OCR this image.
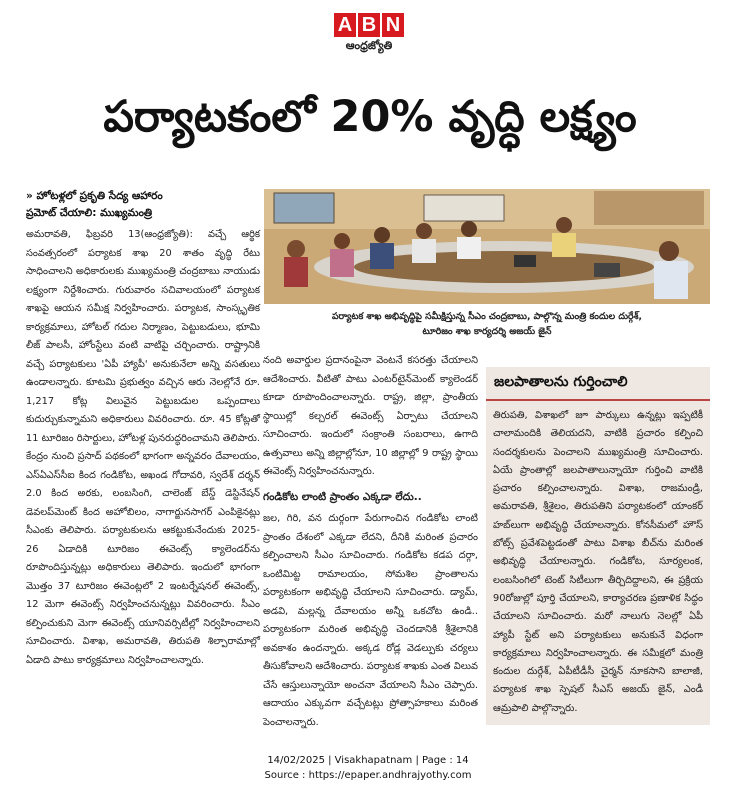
A B N
ఆంధ్రజ్యోతి
పర్యాటకంలో 20% వృద్ధి లక్ష్యం
» హోటళ్లలో ప్రకృతి సేద్య ఆహారం
ప్రమోట్ చేయాలి: ముఖ్యమంత్రి
అమరావతి, ఫిబ్రవరి 13(ఆంధ్రజ్యోతి): వచ్చే ఆర్థిక సంవత్సరంలో పర్యాటక శాఖ 20 శాతం వృద్ధి రేటు సాధించాలని అధికారులకు ముఖ్యమంత్రి చంద్రబాబు నాయుడు లక్ష్యంగా నిర్దేశించారు. గురువారం సచివాలయంలో పర్యాటక శాఖపై ఆయన సమీక్ష నిర్వహించారు. పర్యాటక, సాంస్కృతిక కార్యక్రమాలు, హోటల్ గదుల నిర్మాణం, పెట్టుబడులు, భూమి లీజ్ పాలసీ, హోంస్టేలు వంటి వాటిపై చర్చించారు. రాష్ట్రానికి వచ్చే పర్యాటకులు 'ఏపీ హ్యాపీ' అనుకునేలా అన్ని వసతులు ఉండాలన్నారు. కూటమి ప్రభుత్వం వచ్చిన ఆరు నెలల్లోనే రూ. 1,217 కోట్ల విలువైన పెట్టుబడుల ఒప్పందాలు కుదుర్చుకున్నామని అధికారులు వివరించారు. రూ. 45 కోట్లతో 11 టూరిజం రిసార్టులు, హోటళ్ల పునరుద్ధరించామని తెలిపారు. కేంద్రం నుంచి ప్రసాద్ పథకంలో భాగంగా అన్నవరం దేవాలయం, ఎస్ఏఎస్‌సీఐ కింద గండికోట, అఖండ గోదావరి, స్వదేశ్ దర్శన్ 2.0 కింద అరకు, లంబసింగి, చాలెంజ్ బేస్డ్ డెస్టినేషన్ డెవలప్‌మెంట్ కింద అహోబిలం, నాగార్జునసాగర్ ఎంపికైనట్లు సీఎంకు తెలిపారు. పర్యాటకులను ఆకట్టుకునేందుకు 2025-26 ఏడాదికి టూరిజం ఈవెంట్స్ క్యాలెండర్‌ను రూపొందిస్తున్నట్లు అధికారులు తెలిపారు. ఇందులో భాగంగా మొత్తం 37 టూరిజం ఈవెంట్లలో 2 ఇంటర్నేషనల్ ఈవెంట్స్, 12 మెగా ఈవెంట్స్ నిర్వహించనున్నట్లు వివరించారు. సీఎం కల్పించుకుని మెగా ఈవెంట్స్ యూనివర్సిటీల్లో నిర్వహించాలని సూచించారు. విశాఖ, అమరావతి, తిరుపతి శిల్పారామాల్లో ఏడాది పాటు కార్యక్రమాలు నిర్వహించాలన్నారు.
పర్యాటక శాఖ అభివృద్ధిపై సమీక్షిస్తున్న సీఎం చంద్రబాబు, పాల్గొన్న మంత్రి కందుల దుర్గేశ్,
టూరిజం శాఖ కార్యదర్శి అజయ్ జైన్
నంది అవార్డుల ప్రదానంపైనా వెంటనే కసరత్తు చేయాలని ఆదేశించారు. వీటితో పాటు ఎంటర్‌టైన్‌మెంట్ క్యాలెండర్ కూడా రూపొందించాలన్నారు. రాష్ట్ర, జిల్లా, ప్రాంతీయ స్థాయిల్లో కల్చరల్ ఈవెంట్స్ ఏర్పాటు చేయాలని సూచించారు. ఇందులో సంక్రాంతి సంబరాలు, ఉగాది ఉత్సవాలు అన్ని జిల్లాల్లోనూ, 10 జిల్లాల్లో 9 రాష్ట్ర స్థాయి ఈవెంట్స్ నిర్వహించనున్నారు.
గండికోట లాంటి ప్రాంతం ఎక్కడా లేదు..
జల, గిరి, వన దుర్గంగా పేరుగాంచిన గండికోట లాంటి ప్రాంతం దేశంలో ఎక్కడా లేదని, దీనికి మరింత ప్రచారం కల్పించాలని సీఎం సూచించారు. గండికోట కడప దర్గా, ఒంటిమిట్ట రామాలయం, సోమశిల ప్రాంతాలను పర్యాటకంగా అభివృద్ధి చేయాలని సూచించారు. డ్యామ్, అడవి, మల్లన్న దేవాలయం అన్నీ ఒకచోట ఉండి.. పర్యాటకంగా మరింత అభివృద్ధి చెందడానికి శ్రీశైలానికి అవకాశం ఉందన్నారు. అక్కడ రోడ్ల వెడల్పుకు చర్యలు తీసుకోవాలని ఆదేశించారు. పర్యాటక శాఖకు ఎంత విలువ చేసే ఆస్తులున్నాయో అంచనా వేయాలని సీఎం చెప్పారు. ఆదాయం ఎక్కువగా వచ్చేటట్లు ప్రోత్సాహకాలు మరింత పెంచాలన్నారు.
జలపాతాలను గుర్తించాలి
తిరుపతి, విశాఖలో జూ పార్కులు ఉన్నట్లు ఇప్పటికీ చాలామందికి తెలియదని, వాటికి ప్రచారం కల్పించి సందర్శకులను పెంచాలని ముఖ్యమంత్రి సూచించారు. ఏయే ప్రాంతాల్లో జలపాతాలున్నాయో గుర్తించి వాటికి ప్రచారం కల్పించాలన్నారు. విశాఖ, రాజమండ్రి, అమరావతి, శ్రీశైలం, తిరుపతిని పర్యాటకంలో యాంకర్ హబ్‌లుగా అభివృద్ధి చేయాలన్నారు. కోనసీమలో హౌస్ బోట్స్ ప్రవేశపెట్టడంతో పాటు విశాఖ బీచ్‌ను మరింత అభివృద్ధి చేయాలన్నారు. గండికోట, సూర్యలంక, లంబసింగిలో టెంట్ సిటీలుగా తీర్చిదిద్దాలని, ఈ ప్రక్రియ 90రోజుల్లో పూర్తి చేయాలని, కార్యాచరణ ప్రణాళిక సిద్ధం చేయాలని సూచించారు. మరో నాలుగు నెలల్లో ఏపీ హ్యాపీ స్టేట్ అని పర్యాటకులు అనుకునే విధంగా కార్యక్రమాలు నిర్వహించాలన్నారు. ఈ సమీక్షలో మంత్రి కందుల దుర్గేశ్, ఏపీటీడీసీ చైర్మన్ నూకసాని బాలాజీ, పర్యాటక శాఖ స్పెషల్ సీఎస్ అజయ్ జైన్, ఎండీ ఆమ్రపాలి పాల్గొన్నారు.
14/02/2025 | Visakhapatnam | Page : 14
Source : https://epaper.andhrajyothy.com
